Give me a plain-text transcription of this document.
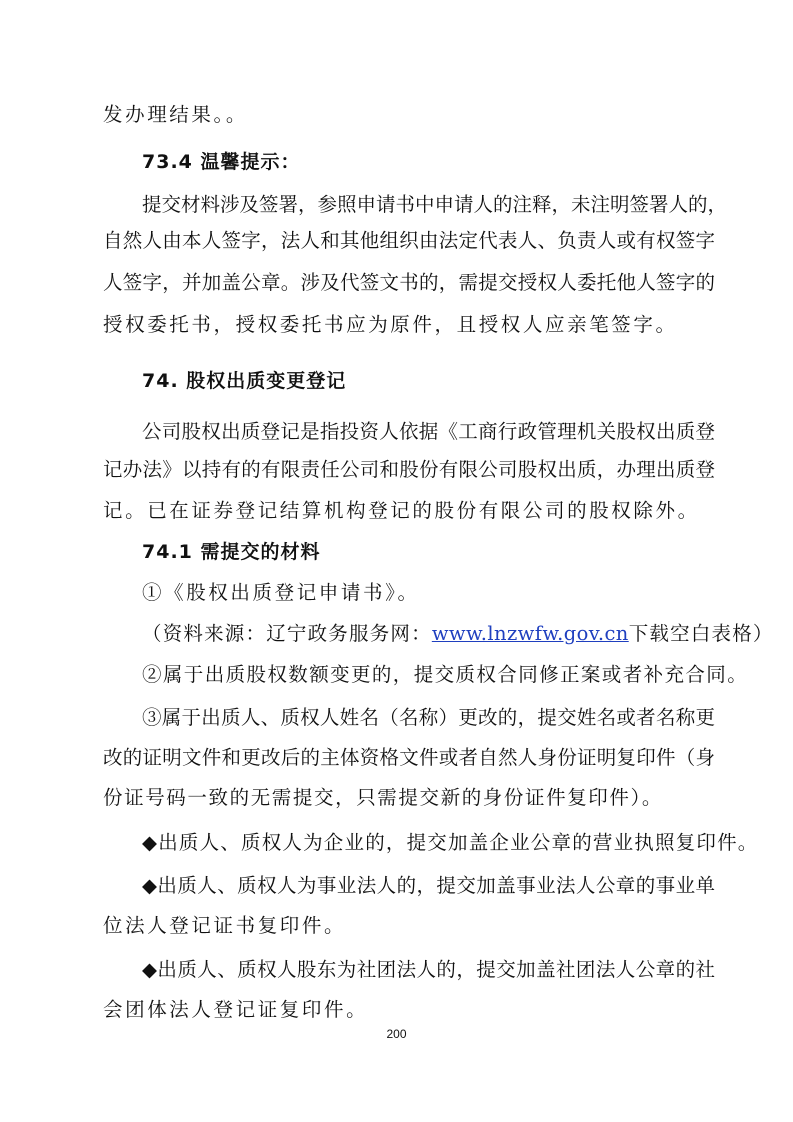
发办理结果。。
73.4 温馨提示：
提交材料涉及签署，参照申请书中申请人的注释，未注明签署人的，
自然人由本人签字，法人和其他组织由法定代表人、负责人或有权签字
人签字，并加盖公章。涉及代签文书的，需提交授权人委托他人签字的
授权委托书，授权委托书应为原件，且授权人应亲笔签字。
74. 股权出质变更登记
公司股权出质登记是指投资人依据《工商行政管理机关股权出质登
记办法》以持有的有限责任公司和股份有限公司股权出质，办理出质登
记。已在证券登记结算机构登记的股份有限公司的股权除外。
74.1 需提交的材料
①《股权出质登记申请书》。
（资料来源：辽宁政务服务网：www.lnzwfw.gov.cn下载空白表格）
②属于出质股权数额变更的，提交质权合同修正案或者补充合同。
③属于出质人、质权人姓名（名称）更改的，提交姓名或者名称更
改的证明文件和更改后的主体资格文件或者自然人身份证明复印件（身
份证号码一致的无需提交，只需提交新的身份证件复印件）。
◆出质人、质权人为企业的，提交加盖企业公章的营业执照复印件。
◆出质人、质权人为事业法人的，提交加盖事业法人公章的事业单
位法人登记证书复印件。
◆出质人、质权人股东为社团法人的，提交加盖社团法人公章的社
会团体法人登记证复印件。
200
